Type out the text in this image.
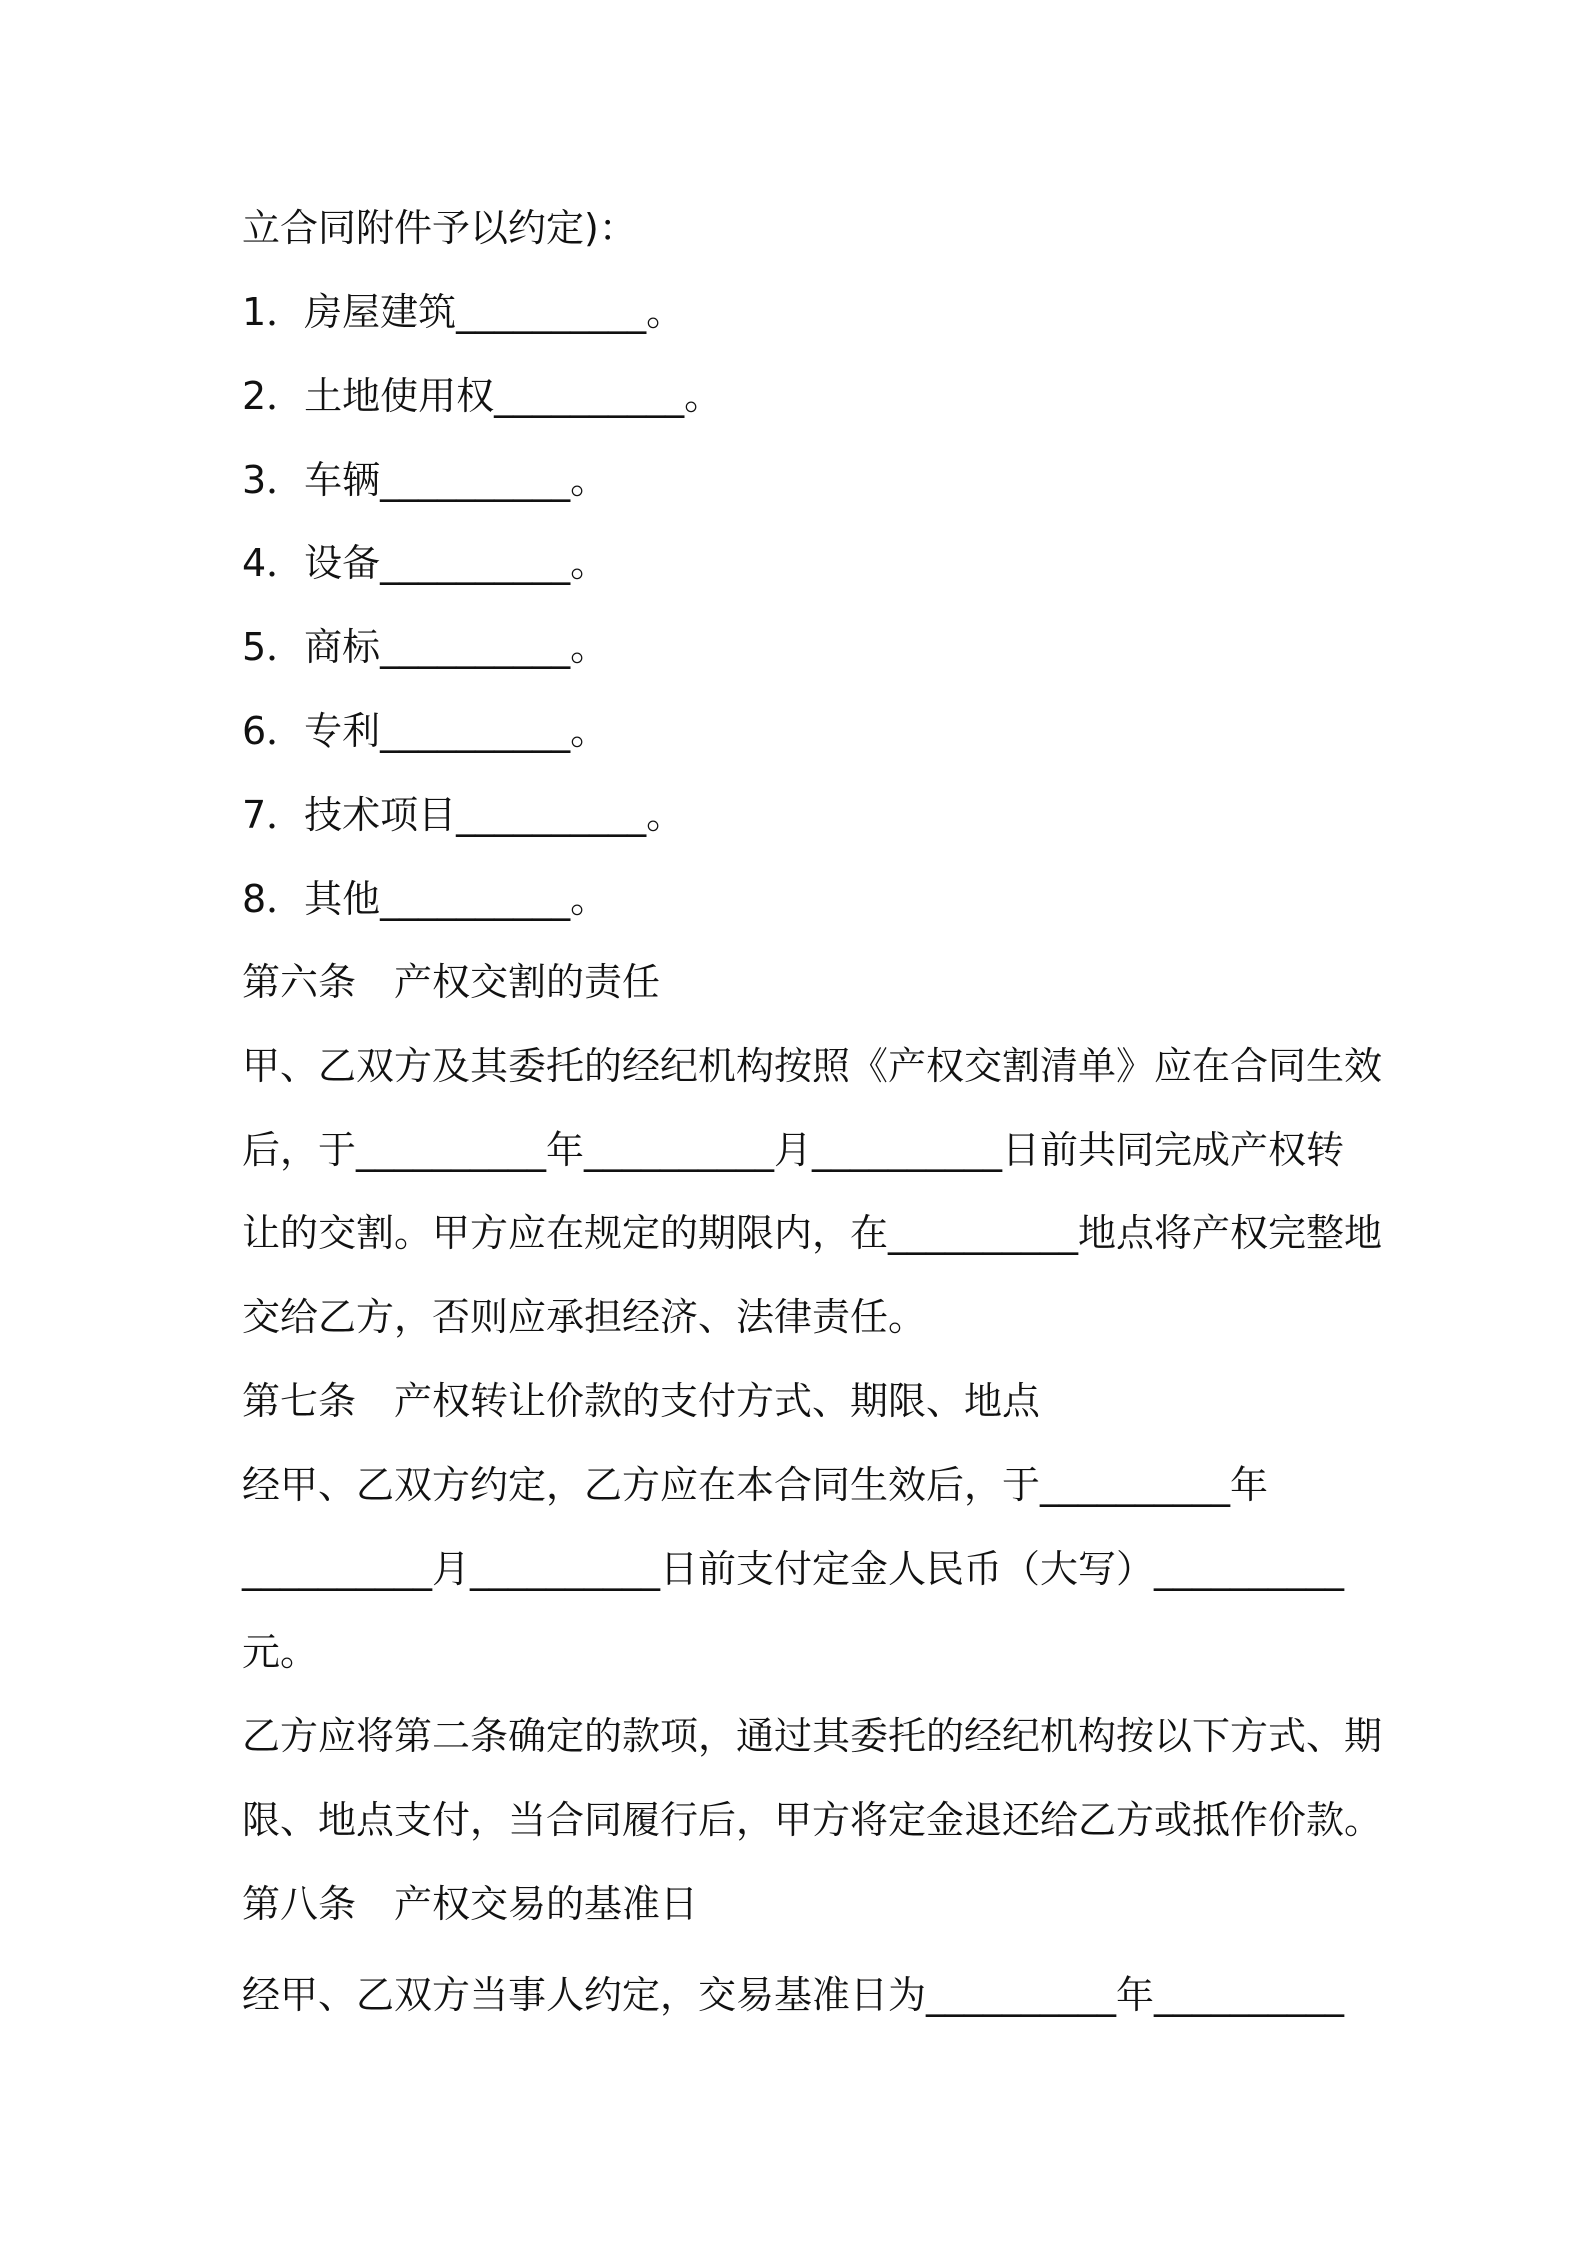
立合同附件予以约定)：
1．房屋建筑__________。
2．土地使用权__________。
3．车辆__________。
4．设备__________。
5．商标__________。
6．专利__________。
7．技术项目__________。
8．其他__________。
第六条　产权交割的责任
甲、乙双方及其委托的经纪机构按照《产权交割清单》应在合同生效
后，于__________年__________月__________日前共同完成产权转
让的交割。甲方应在规定的期限内，在__________地点将产权完整地
交给乙方，否则应承担经济、法律责任。
第七条　产权转让价款的支付方式、期限、地点
经甲、乙双方约定，乙方应在本合同生效后，于__________年
__________月__________日前支付定金人民币（大写）__________
元。
乙方应将第二条确定的款项，通过其委托的经纪机构按以下方式、期
限、地点支付，当合同履行后，甲方将定金退还给乙方或抵作价款。
第八条　产权交易的基准日
经甲、乙双方当事人约定，交易基准日为__________年__________
